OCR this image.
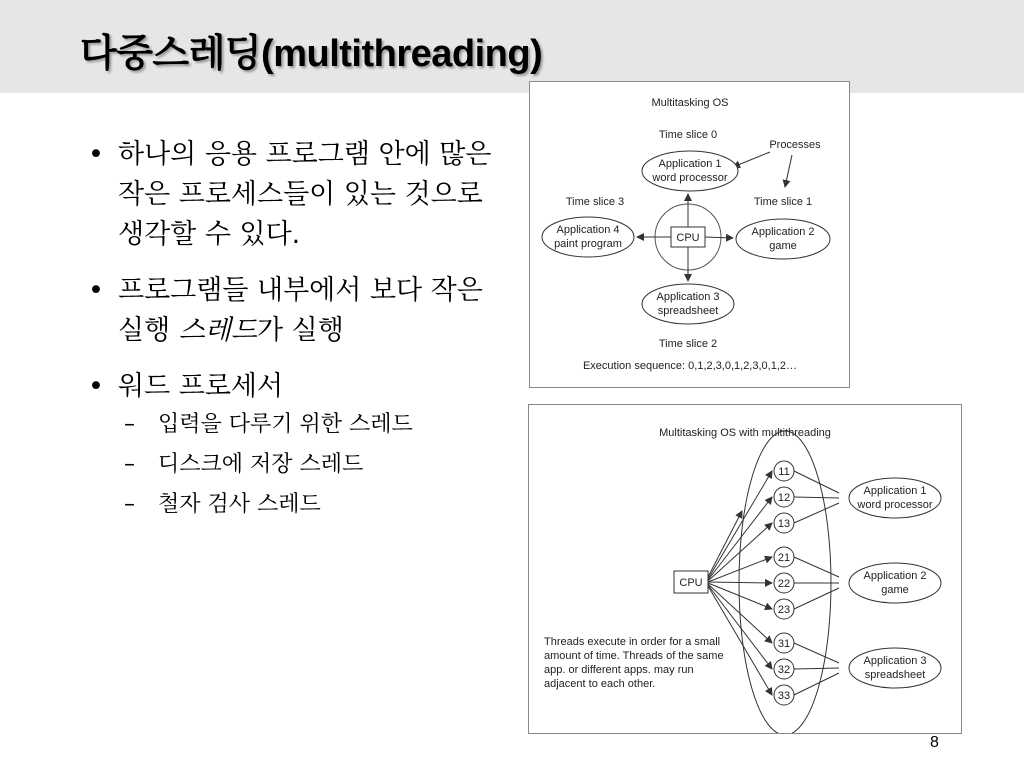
다중스레딩(multithreading)
• 하나의 응용 프로그램 안에 많은 작은 프로세스들이 있는 것으로 생각할 수 있다.
• 프로그램들 내부에서 보다 작은 실행 스레드가 실행
• 워드 프로세서
– 입력을 다루기 위한 스레드
– 디스크에 저장 스레드
– 철자 검사 스레드
Multitasking OS
Time slice 0
Processes
Time slice 3	Time slice 1
Application 1
word processor
Application 4
paint program
Application 2
game
Application 3
spreadsheet
CPU
Time slice 2
Execution sequence: 0,1,2,3,0,1,2,3,0,1,2…
Multitasking OS with multithreading
CPU
11
12
13
21
22
23
31
32
33
Application 1
word processor
Application 2
game
Application 3
spreadsheet
Threads execute in order for a small
amount of time. Threads of the same
app. or different apps. may run
adjacent to each other.
8
